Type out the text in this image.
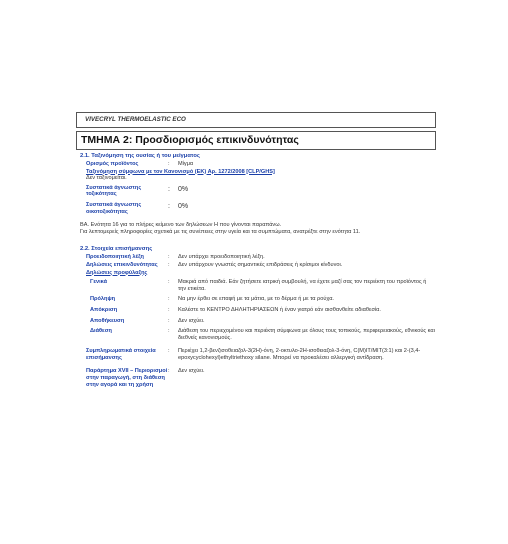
VIVECRYL THERMOELASTIC ECO
ΤΜΗΜΑ 2: Προσδιορισμός επικινδυνότητας
2.1. Ταξινόμηση της ουσίας ή του μείγματος
Ορισμός προϊόντος	: Μίγμα
Ταξινόμηση σύμφωνα με τον Κανονισμό (ΕΚ) Αρ. 1272/2008 [CLP/GHS]
Δεν ταξινομείται.
Συστατικά άγνωστης τοξικότητας
: 0%
Συστατικά άγνωστης οικοτοξικότητας
: 0%
ΒΑ. Ενότητα 16 για το πλήρες κείμενο των δηλώσεων H που γίνονται παραπάνω.
Για λεπτομερείς πληροφορίες σχετικά με τις συνέπειες στην υγεία και τα συμπτώματα, ανατρέξτε στην ενότητα 11.
2.2. Στοιχεία επισήμανσης
Προειδοποιητική λέξη	: Δεν υπάρχει προειδοποιητική λέξη.
Δηλώσεις επικινδυνότητας	: Δεν υπάρχουν γνωστές σημαντικές επιδράσεις ή κρίσιμοι κίνδυνοι.
Δηλώσεις προφύλαξης
Γενικά	:	Μακριά από παιδιά. Εάν ζητήσετε ιατρική συμβουλή, να έχετε μαζί σας τον περιέκτη του προϊόντος ή την ετικέτα.
Πρόληψη	:	Να μην έρθει σε επαφή με τα μάτια, με το δέρμα ή με τα ρούχα.
Απόκριση	:	Καλέστε το ΚΕΝΤΡΟ ΔΗΛΗΤΗΡΙΑΣΕΩΝ ή έναν γιατρό εάν αισθανθείτε αδιαθεσία.
Αποθήκευση	:	Δεν ισχύει.
Διάθεση	:	Διάθεση του περιεχομένου και περιέκτη σύμφωνα με όλους τους τοπικούς, περιφερειακούς, εθνικούς και διεθνείς κανονισμούς.
Συμπληρωματικά στοιχεία επισήμανσης
:	Περιέχει 1,2-βενζισοθειαζολ-3(2H)-όνη, 2-οκτυλο-2H-ισοθειαζολ-3-όνη, C(M)IT/MIT(3:1) και 2-(3,4-epoxycyclohexyl)ethyltriethoxy silane. Μπορεί να προκαλέσει αλλεργική αντίδραση.
Παράρτημα XVII – Περιορισμοί στην παραγωγή, στη διάθεση στην αγορά και τη χρήση
:	Δεν ισχύει.
